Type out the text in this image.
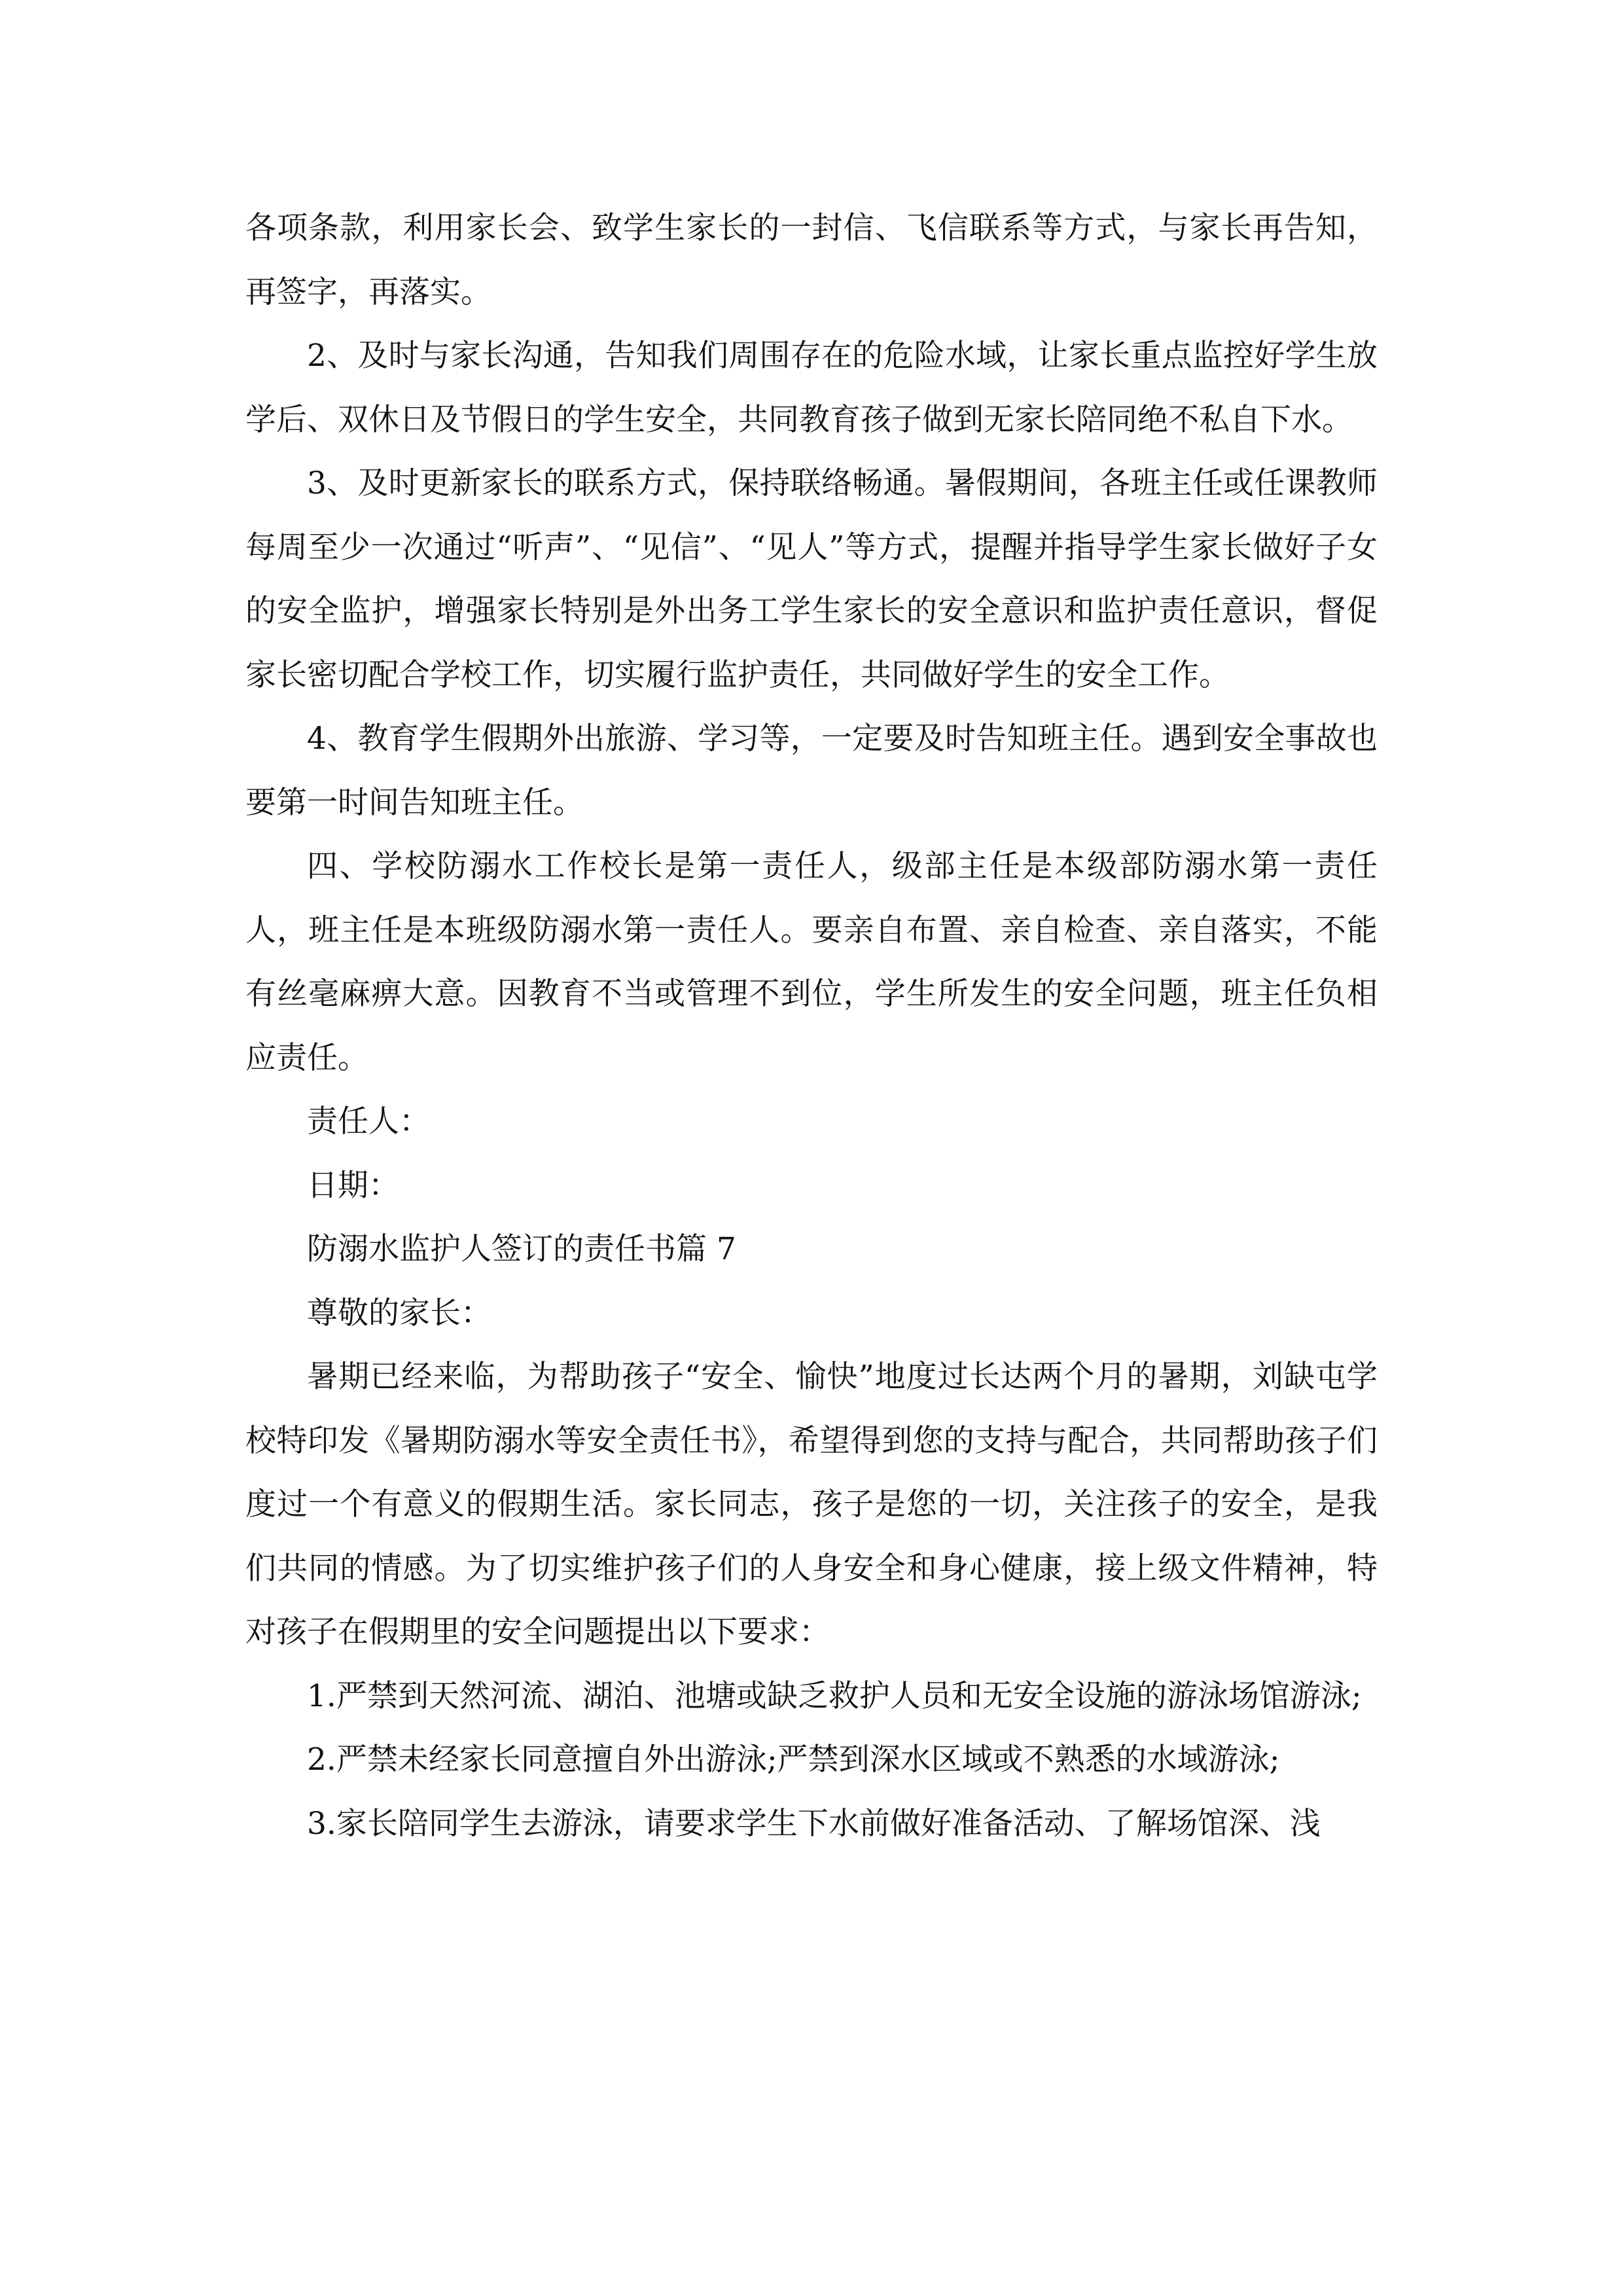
各项条款，利用家长会、致学生家长的一封信、飞信联系等方式，与家长再告知，再签字，再落实。

2、及时与家长沟通，告知我们周围存在的危险水域，让家长重点监控好学生放学后、双休日及节假日的学生安全，共同教育孩子做到无家长陪同绝不私自下水。

3、及时更新家长的联系方式，保持联络畅通。暑假期间，各班主任或任课教师每周至少一次通过“听声”、“见信”、“见人”等方式，提醒并指导学生家长做好子女的安全监护，增强家长特别是外出务工学生家长的安全意识和监护责任意识，督促家长密切配合学校工作，切实履行监护责任，共同做好学生的安全工作。

4、教育学生假期外出旅游、学习等，一定要及时告知班主任。遇到安全事故也要第一时间告知班主任。

四、学校防溺水工作校长是第一责任人，级部主任是本级部防溺水第一责任人，班主任是本班级防溺水第一责任人。要亲自布置、亲自检查、亲自落实，不能有丝毫麻痹大意。因教育不当或管理不到位，学生所发生的安全问题，班主任负相应责任。

责任人：

日期：

防溺水监护人签订的责任书篇 7

尊敬的家长：

暑期已经来临，为帮助孩子“安全、愉快”地度过长达两个月的暑期，刘缺屯学校特印发《暑期防溺水等安全责任书》，希望得到您的支持与配合，共同帮助孩子们度过一个有意义的假期生活。家长同志，孩子是您的一切，关注孩子的安全，是我们共同的情感。为了切实维护孩子们的人身安全和身心健康，接上级文件精神，特对孩子在假期里的安全问题提出以下要求：

1.严禁到天然河流、湖泊、池塘或缺乏救护人员和无安全设施的游泳场馆游泳;

2.严禁未经家长同意擅自外出游泳;严禁到深水区域或不熟悉的水域游泳;

3.家长陪同学生去游泳，请要求学生下水前做好准备活动、了解场馆深、浅
